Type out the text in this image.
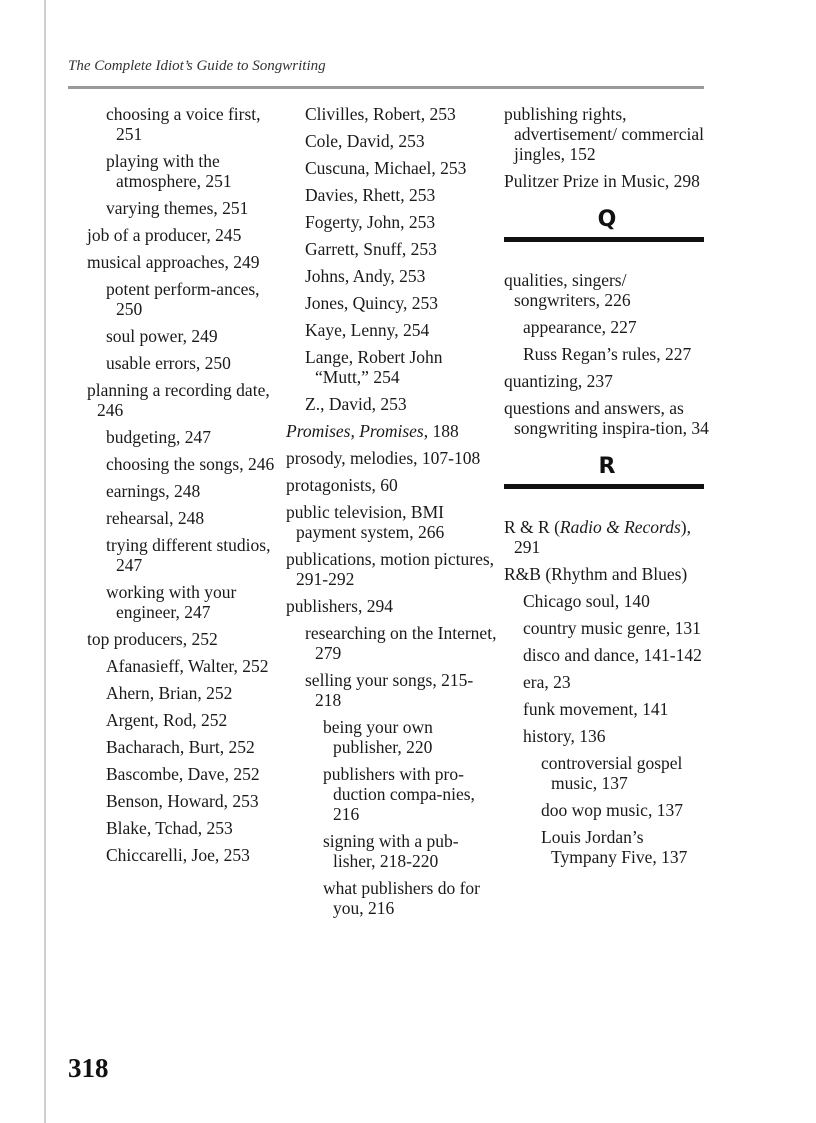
The Complete Idiot’s Guide to Songwriting
choosing a voice first, 251
playing with the atmosphere, 251
varying themes, 251
job of a producer, 245
musical approaches, 249
potent perform-ances, 250
soul power, 249
usable errors, 250
planning a recording date, 246
budgeting, 247
choosing the songs, 246
earnings, 248
rehearsal, 248
trying different studios, 247
working with your engineer, 247
top producers, 252
Afanasieff, Walter, 252
Ahern, Brian, 252
Argent, Rod, 252
Bacharach, Burt, 252
Bascombe, Dave, 252
Benson, Howard, 253
Blake, Tchad, 253
Chiccarelli, Joe, 253
Clivilles, Robert, 253
Cole, David, 253
Cuscuna, Michael, 253
Davies, Rhett, 253
Fogerty, John, 253
Garrett, Snuff, 253
Johns, Andy, 253
Jones, Quincy, 253
Kaye, Lenny, 254
Lange, Robert John “Mutt,” 254
Z., David, 253
Promises, Promises, 188
prosody, melodies, 107-108
protagonists, 60
public television, BMI payment system, 266
publications, motion pictures, 291-292
publishers, 294
researching on the Internet, 279
selling your songs, 215-218
being your own publisher, 220
publishers with pro-duction compa-nies, 216
signing with a pub-lisher, 218-220
what publishers do for you, 216
publishing rights, advertisement/ commercial jingles, 152
Pulitzer Prize in Music, 298
Q
qualities, singers/ songwriters, 226
appearance, 227
Russ Regan’s rules, 227
quantizing, 237
questions and answers, as songwriting inspira-tion, 34
R
R & R (Radio & Records), 291
R&B (Rhythm and Blues)
Chicago soul, 140
country music genre, 131
disco and dance, 141-142
era, 23
funk movement, 141
history, 136
controversial gospel music, 137
doo wop music, 137
Louis Jordan’s Tympany Five, 137
318
